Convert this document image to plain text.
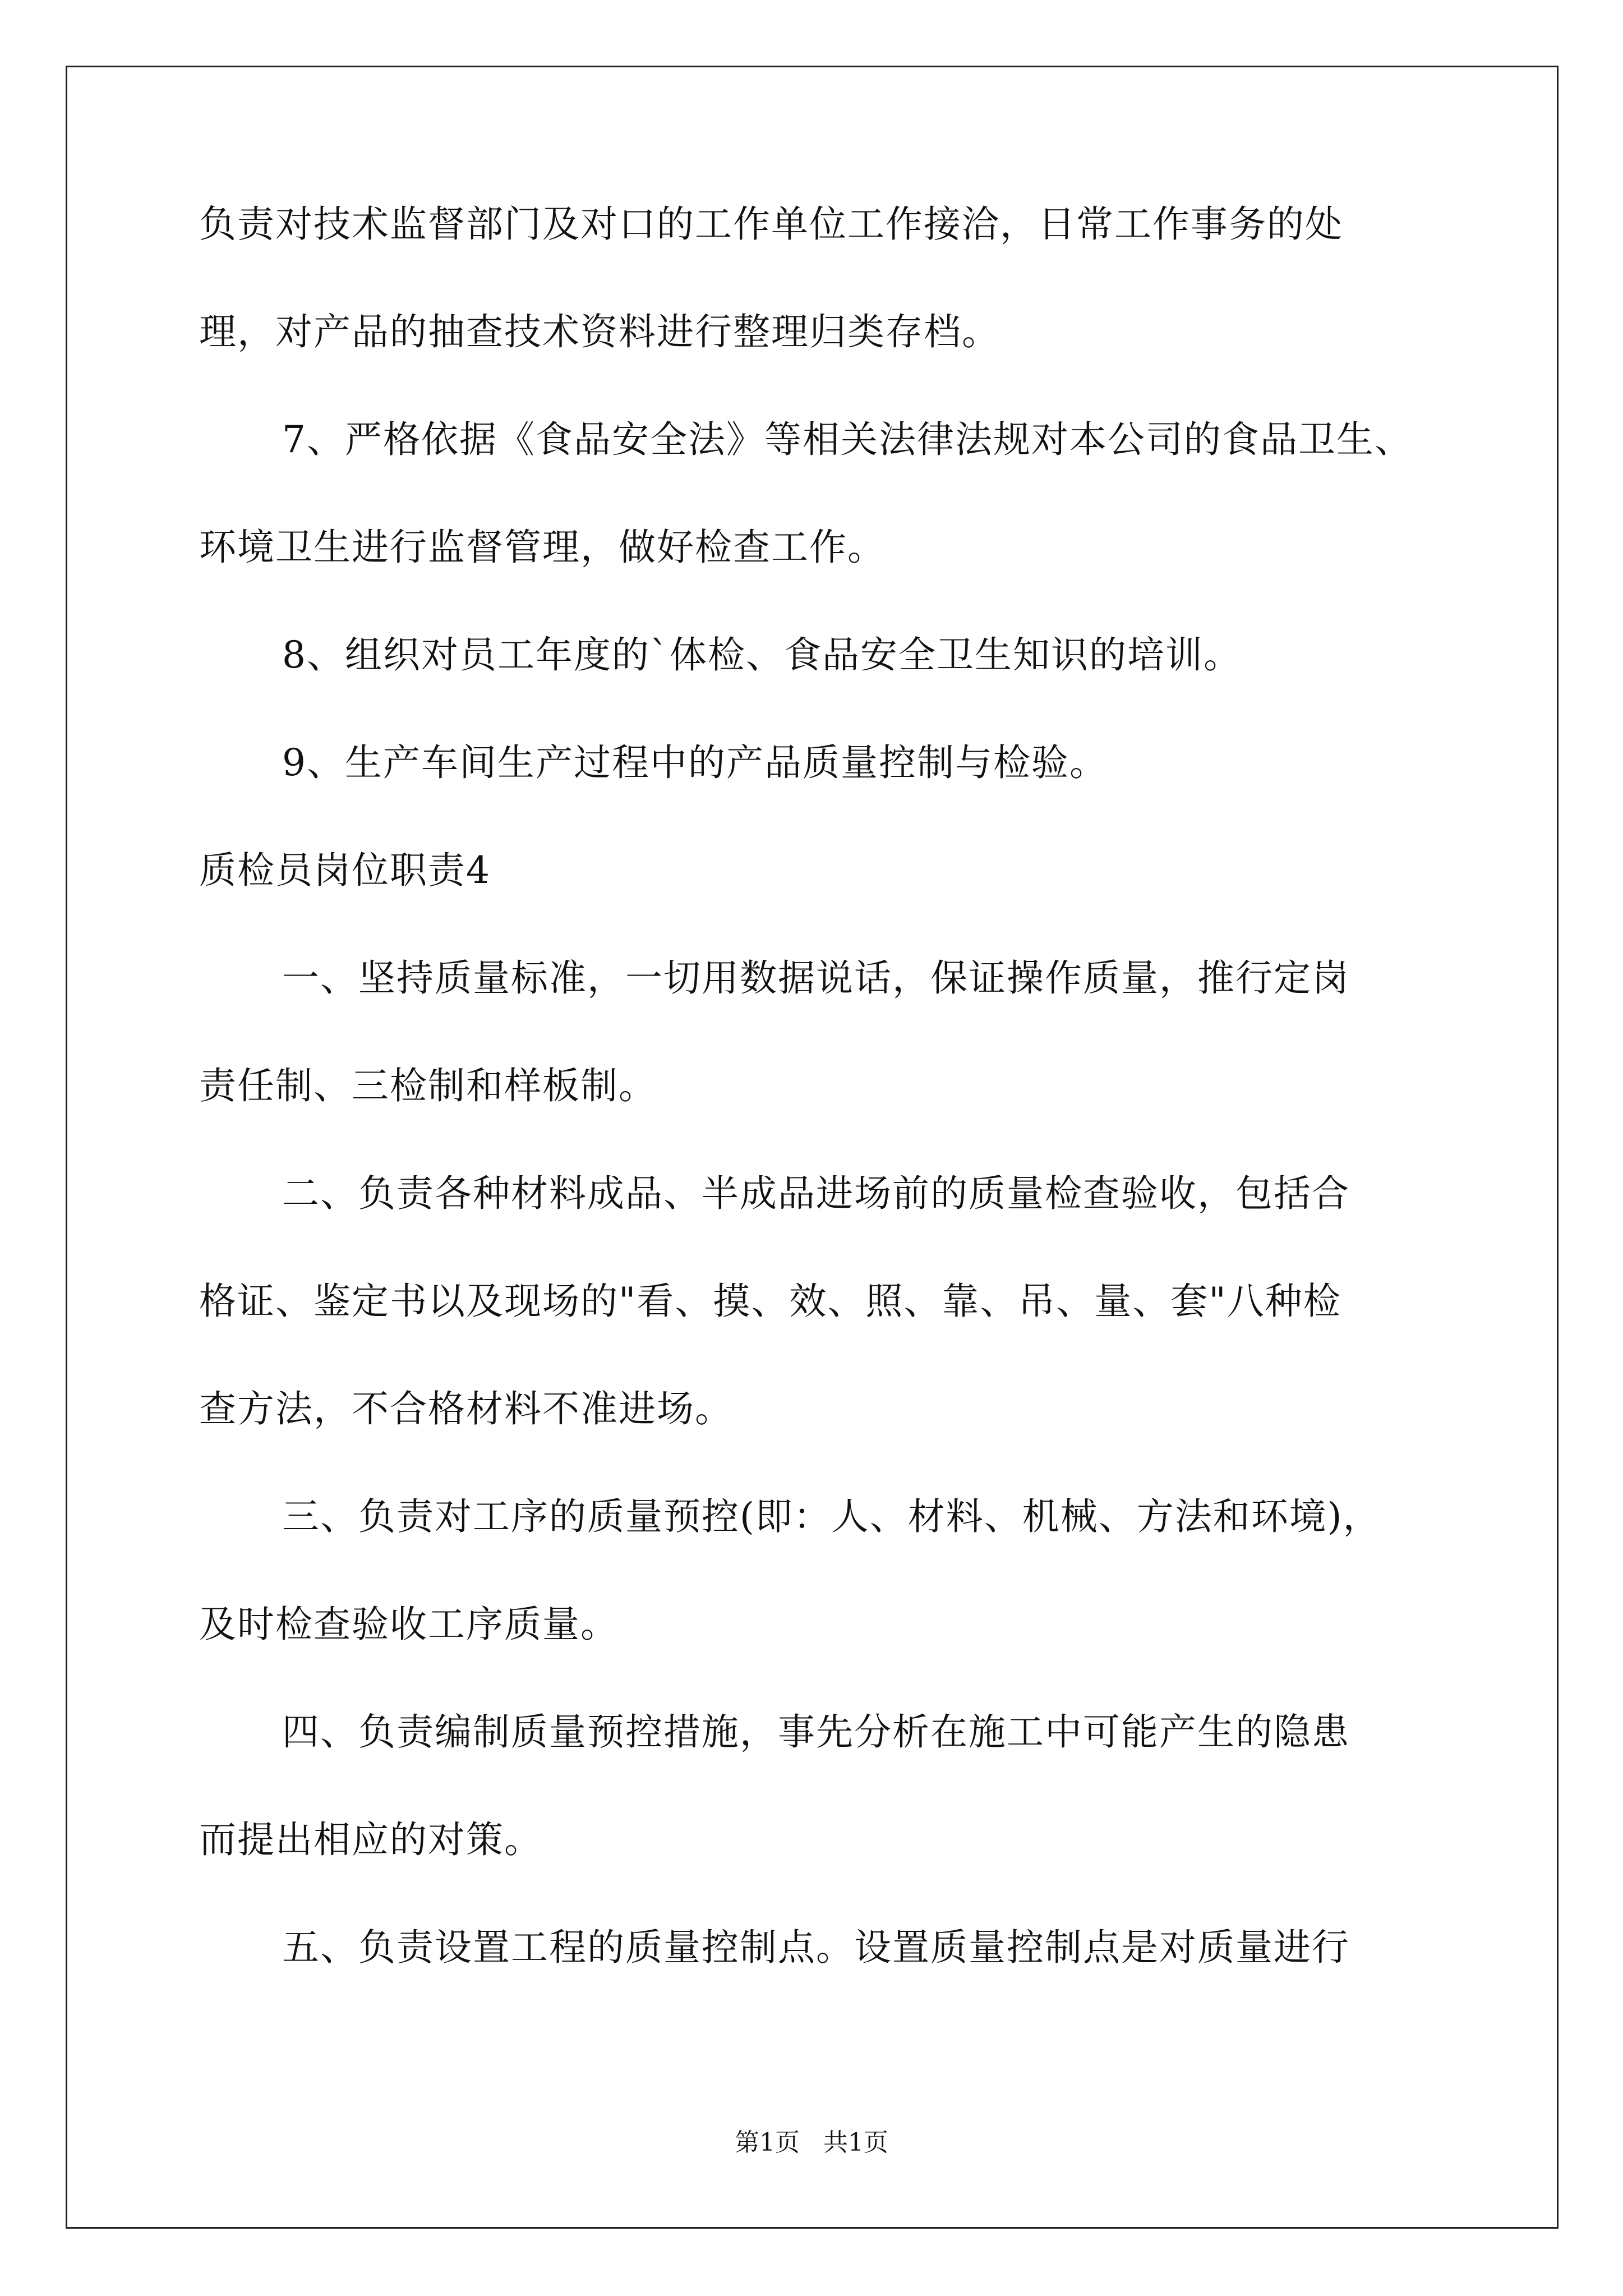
负责对技术监督部门及对口的工作单位工作接洽，日常工作事务的处
理，对产品的抽查技术资料进行整理归类存档。
7、严格依据《食品安全法》等相关法律法规对本公司的食品卫生、
环境卫生进行监督管理，做好检查工作。
8、组织对员工年度的`体检、食品安全卫生知识的培训。
9、生产车间生产过程中的产品质量控制与检验。
质检员岗位职责4
一、坚持质量标准，一切用数据说话，保证操作质量，推行定岗
责任制、三检制和样板制。
二、负责各种材料成品、半成品进场前的质量检查验收，包括合
格证、鉴定书以及现场的"看、摸、效、照、靠、吊、量、套"八种检
查方法，不合格材料不准进场。
三、负责对工序的质量预控(即：人、材料、机械、方法和环境)，
及时检查验收工序质量。
四、负责编制质量预控措施，事先分析在施工中可能产生的隐患
而提出相应的对策。
五、负责设置工程的质量控制点。设置质量控制点是对质量进行
第1页   共1页
